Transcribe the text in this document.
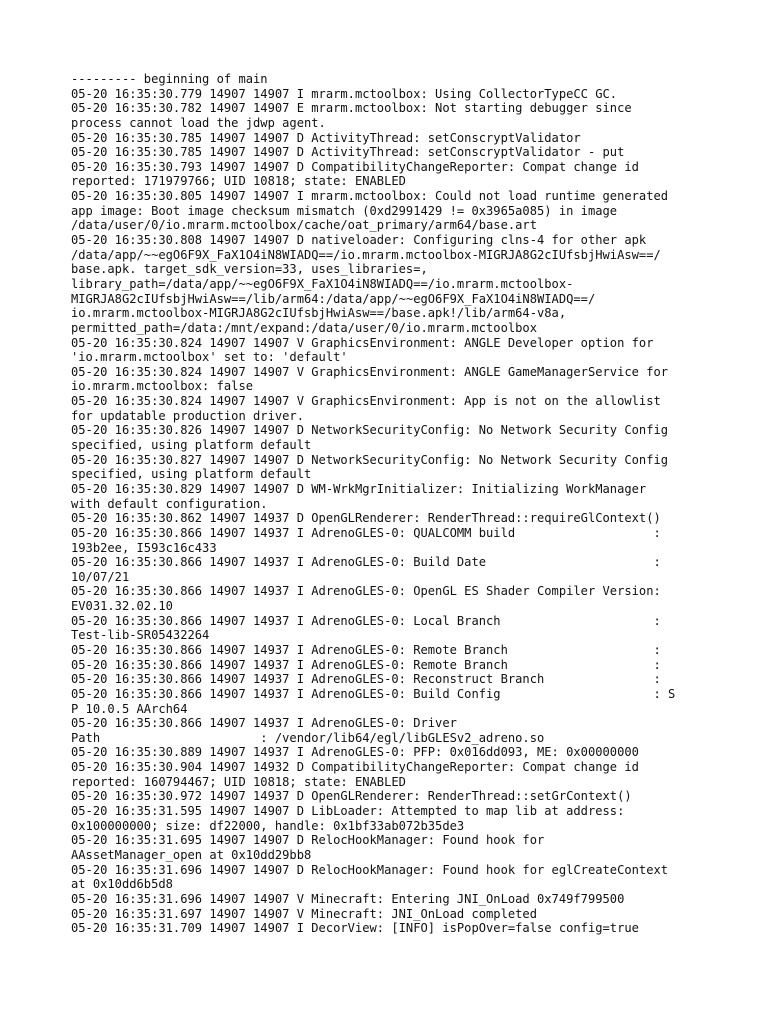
--------- beginning of main
05-20 16:35:30.779 14907 14907 I mrarm.mctoolbox: Using CollectorTypeCC GC.
05-20 16:35:30.782 14907 14907 E mrarm.mctoolbox: Not starting debugger since
process cannot load the jdwp agent.
05-20 16:35:30.785 14907 14907 D ActivityThread: setConscryptValidator
05-20 16:35:30.785 14907 14907 D ActivityThread: setConscryptValidator - put
05-20 16:35:30.793 14907 14907 D CompatibilityChangeReporter: Compat change id
reported: 171979766; UID 10818; state: ENABLED
05-20 16:35:30.805 14907 14907 I mrarm.mctoolbox: Could not load runtime generated
app image: Boot image checksum mismatch (0xd2991429 != 0x3965a085) in image
/data/user/0/io.mrarm.mctoolbox/cache/oat_primary/arm64/base.art
05-20 16:35:30.808 14907 14907 D nativeloader: Configuring clns-4 for other apk
/data/app/~~egO6F9X_FaX1O4iN8WIADQ==/io.mrarm.mctoolbox-MIGRJA8G2cIUfsbjHwiAsw==/
base.apk. target_sdk_version=33, uses_libraries=,
library_path=/data/app/~~egO6F9X_FaX1O4iN8WIADQ==/io.mrarm.mctoolbox-
MIGRJA8G2cIUfsbjHwiAsw==/lib/arm64:/data/app/~~egO6F9X_FaX1O4iN8WIADQ==/
io.mrarm.mctoolbox-MIGRJA8G2cIUfsbjHwiAsw==/base.apk!/lib/arm64-v8a,
permitted_path=/data:/mnt/expand:/data/user/0/io.mrarm.mctoolbox
05-20 16:35:30.824 14907 14907 V GraphicsEnvironment: ANGLE Developer option for
'io.mrarm.mctoolbox' set to: 'default'
05-20 16:35:30.824 14907 14907 V GraphicsEnvironment: ANGLE GameManagerService for
io.mrarm.mctoolbox: false
05-20 16:35:30.824 14907 14907 V GraphicsEnvironment: App is not on the allowlist
for updatable production driver.
05-20 16:35:30.826 14907 14907 D NetworkSecurityConfig: No Network Security Config
specified, using platform default
05-20 16:35:30.827 14907 14907 D NetworkSecurityConfig: No Network Security Config
specified, using platform default
05-20 16:35:30.829 14907 14907 D WM-WrkMgrInitializer: Initializing WorkManager
with default configuration.
05-20 16:35:30.862 14907 14937 D OpenGLRenderer: RenderThread::requireGlContext()
05-20 16:35:30.866 14907 14937 I AdrenoGLES-0: QUALCOMM build                   :
193b2ee, I593c16c433
05-20 16:35:30.866 14907 14937 I AdrenoGLES-0: Build Date                       :
10/07/21
05-20 16:35:30.866 14907 14937 I AdrenoGLES-0: OpenGL ES Shader Compiler Version:
EV031.32.02.10
05-20 16:35:30.866 14907 14937 I AdrenoGLES-0: Local Branch                     :
Test-lib-SR05432264
05-20 16:35:30.866 14907 14937 I AdrenoGLES-0: Remote Branch                    :
05-20 16:35:30.866 14907 14937 I AdrenoGLES-0: Remote Branch                    :
05-20 16:35:30.866 14907 14937 I AdrenoGLES-0: Reconstruct Branch               :
05-20 16:35:30.866 14907 14937 I AdrenoGLES-0: Build Config                     : S
P 10.0.5 AArch64
05-20 16:35:30.866 14907 14937 I AdrenoGLES-0: Driver
Path                      : /vendor/lib64/egl/libGLESv2_adreno.so
05-20 16:35:30.889 14907 14937 I AdrenoGLES-0: PFP: 0x016dd093, ME: 0x00000000
05-20 16:35:30.904 14907 14932 D CompatibilityChangeReporter: Compat change id
reported: 160794467; UID 10818; state: ENABLED
05-20 16:35:30.972 14907 14937 D OpenGLRenderer: RenderThread::setGrContext()
05-20 16:35:31.595 14907 14907 D LibLoader: Attempted to map lib at address:
0x100000000; size: df22000, handle: 0x1bf33ab072b35de3
05-20 16:35:31.695 14907 14907 D RelocHookManager: Found hook for
AAssetManager_open at 0x10dd29bb8
05-20 16:35:31.696 14907 14907 D RelocHookManager: Found hook for eglCreateContext
at 0x10dd6b5d8
05-20 16:35:31.696 14907 14907 V Minecraft: Entering JNI_OnLoad 0x749f799500
05-20 16:35:31.697 14907 14907 V Minecraft: JNI_OnLoad completed
05-20 16:35:31.709 14907 14907 I DecorView: [INFO] isPopOver=false config=true
